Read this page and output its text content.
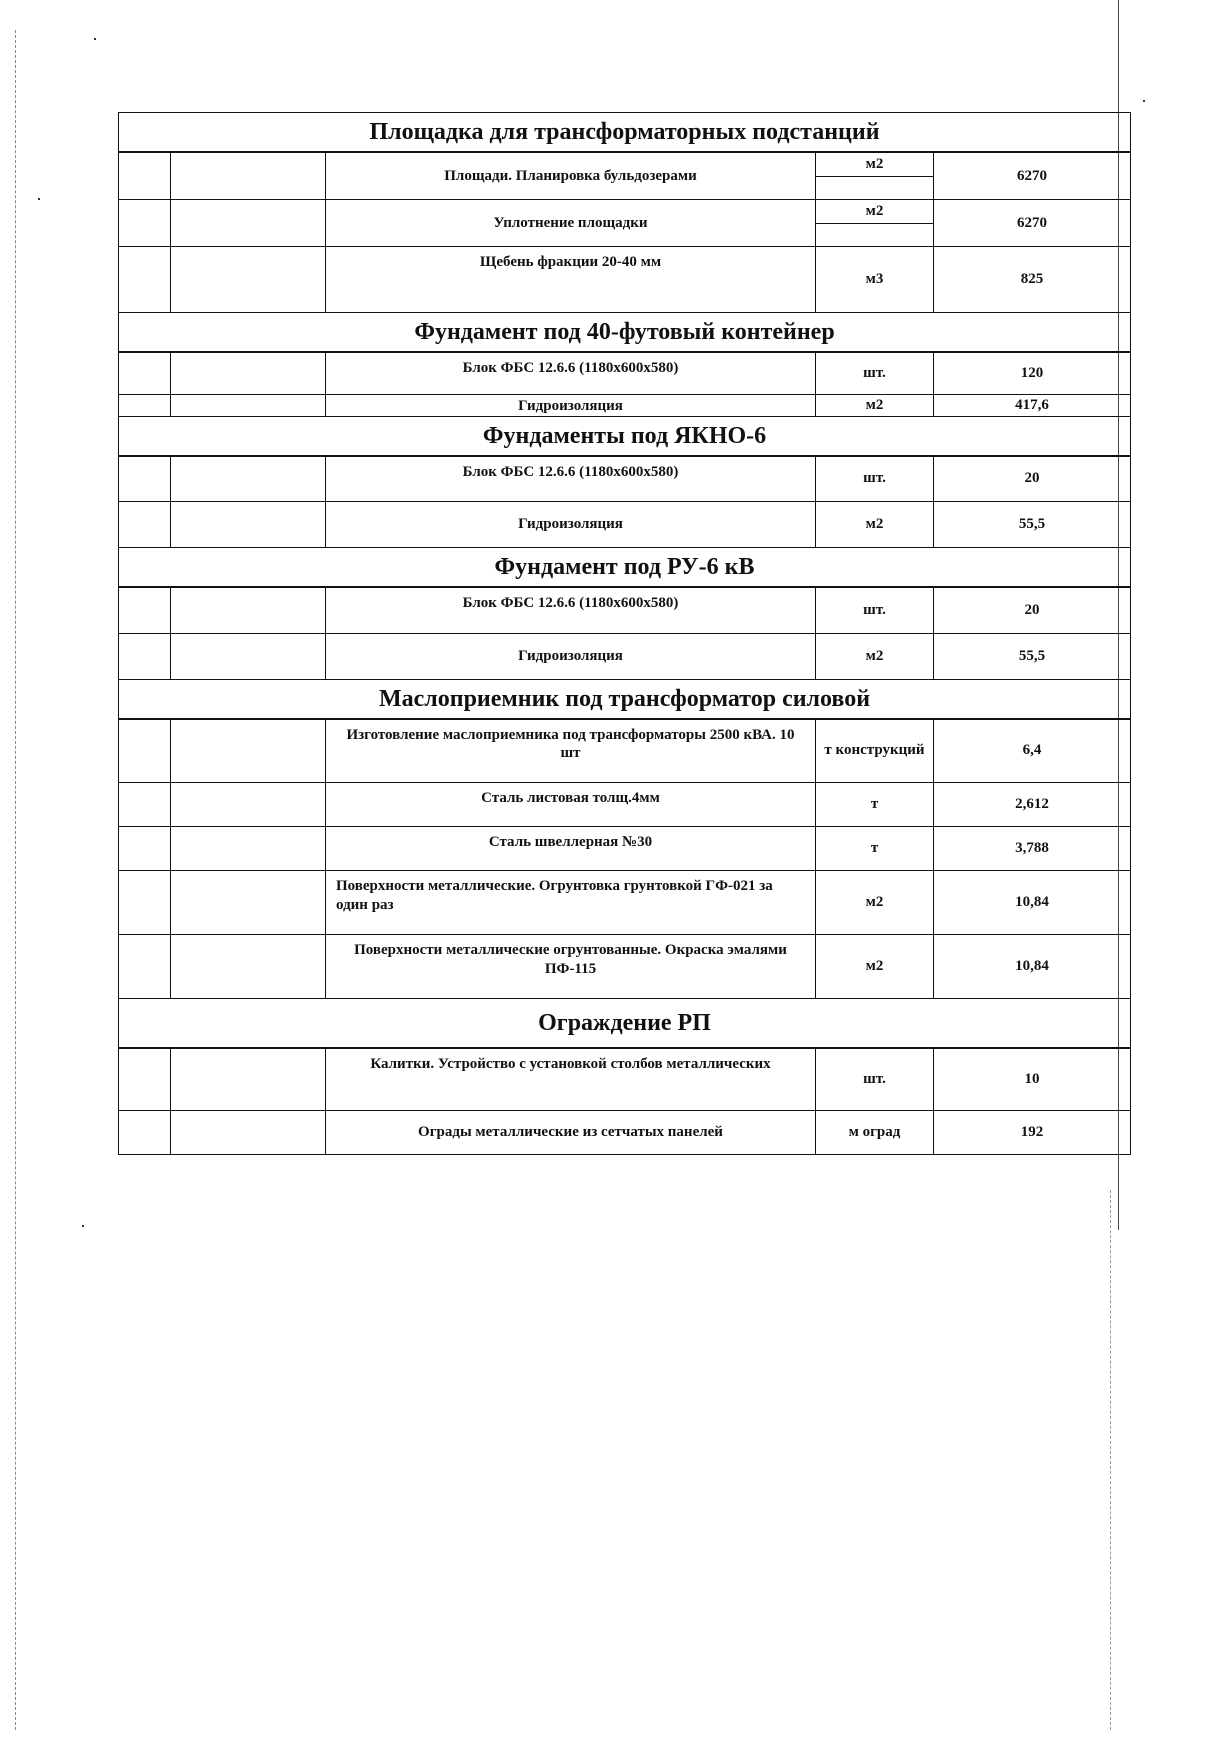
Площадка для трансформаторных подстанций				
		Площади. Планировка бульдозерами	м2	6270
		Уплотнение площадки	м2	6270
		Щебень фракции 20-40 мм	м3	825
Фундамент под 40-футовый контейнер				
		Блок ФБС 12.6.6 (1180х600х580)	шт.	120
		Гидроизоляция	м2	417,6
Фундаменты под ЯКНО-6				
		Блок ФБС 12.6.6 (1180х600х580)	шт.	20
		Гидроизоляция	м2	55,5
Фундамент под РУ-6 кВ				
		Блок ФБС 12.6.6 (1180х600х580)	шт.	20
		Гидроизоляция	м2	55,5
Маслоприемник под трансформатор силовой				
		Изготовление маслоприемника под трансформаторы 2500 кВА. 10 шт	т конструкций	6,4
		Сталь листовая толщ.4мм	т	2,612
		Сталь швеллерная №30	т	3,788
		Поверхности металлические. Огрунтовка грунтовкой ГФ-021 за один раз	м2	10,84
		Поверхности металлические огрунтованные. Окраска эмалями ПФ-115	м2	10,84
Ограждение РП				
		Калитки. Устройство с установкой столбов металлических	шт.	10
		Ограды металлические из сетчатых панелей	м оград	192
